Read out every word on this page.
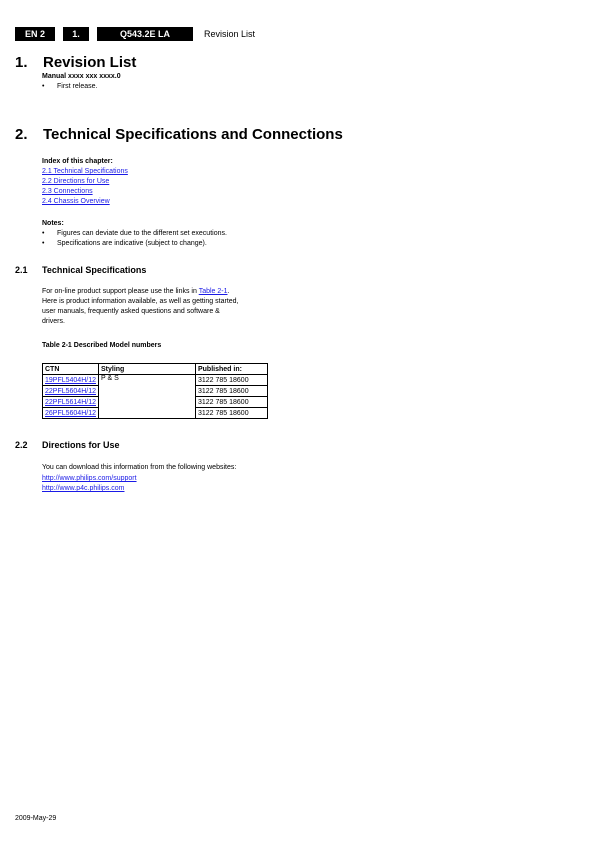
EN 2	1.	Q543.2E LA	Revision List
1. Revision List
Manual xxxx xxx xxxx.0
• First release.
2. Technical Specifications and Connections
Index of this chapter:
2.1 Technical Specifications
2.2 Directions for Use
2.3 Connections
2.4 Chassis Overview
Notes:
• Figures can deviate due to the different set executions.
• Specifications are indicative (subject to change).
2.1 Technical Specifications
For on-line product support please use the links in Table 2-1.
Here is product information available, as well as getting started,
user manuals, frequently asked questions and software &
drivers.
Table 2-1 Described Model numbers
CTN	Styling	Published in:
19PFL5404H/12	P & S	3122 785 18600
22PFL5604H/12		3122 785 18600
22PFL5614H/12		3122 785 18600
26PFL5604H/12		3122 785 18600
2.2 Directions for Use
You can download this information from the following websites:
http://www.philips.com/support
http://www.p4c.philips.com
2009-May-29
